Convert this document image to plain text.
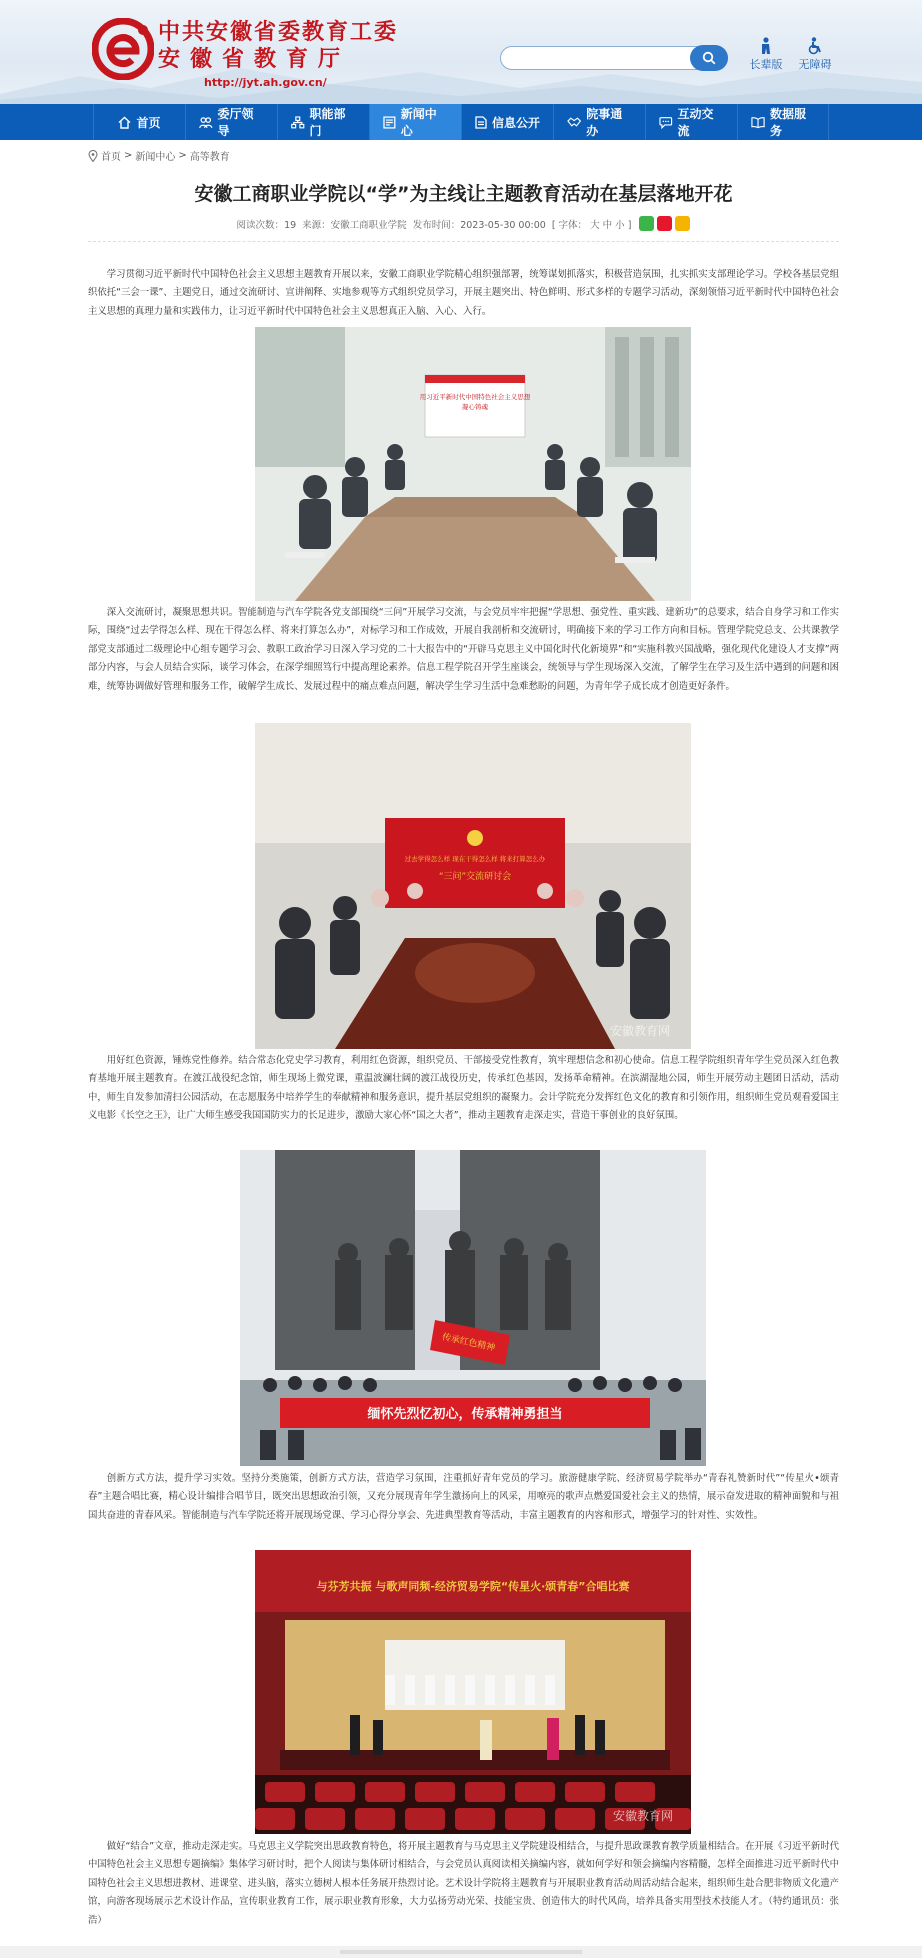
中共安徽省委教育工委
安徽省教育厅
http://jyt.ah.gov.cn/
长辈版	无障碍
首页
委厅领导
职能部门
新闻中心
信息公开
院事通办
互动交流
数据服务
首页 > 新闻中心 > 高等教育
安徽工商职业学院以“学”为主线让主题教育活动在基层落地开花
阅读次数：19 来源：安徽工商职业学院 发布时间：2023-05-30 00:00 [ 字体： 大 中 小 ]

学习贯彻习近平新时代中国特色社会主义思想主题教育开展以来，安徽工商职业学院精心组织强部署，统筹谋划抓落实，积极营造氛围，扎实抓实支部理论学习。学校各基层党组织依托“三会一课”、主题党日，通过交流研讨、宣讲阐释、实地参观等方式组织党员学习，开展主题突出、特色鲜明、形式多样的专题学习活动，深刻领悟习近平新时代中国特色社会主义思想的真理力量和实践伟力，让习近平新时代中国特色社会主义思想真正入脑、入心、入行。

用习近平新时代中国特色社会主义思想
凝心铸魂

深入交流研讨，凝聚思想共识。智能制造与汽车学院各党支部围绕“三问”开展学习交流，与会党员牢牢把握“学思想、强党性、重实践、建新功”的总要求，结合自身学习和工作实际，围绕“过去学得怎么样、现在干得怎么样、将来打算怎么办”，对标学习和工作成效，开展自我剖析和交流研讨，明确接下来的学习工作方向和目标。管理学院党总支、公共课教学部党支部通过二级理论中心组专题学习会、教职工政治学习日深入学习党的二十大报告中的“开辟马克思主义中国化时代化新境界”和“实施科教兴国战略，强化现代化建设人才支撑”两部分内容，与会人员结合实际，谈学习体会，在深学细照笃行中提高理论素养。信息工程学院召开学生座谈会，统领导与学生现场深入交流，了解学生在学习及生活中遇到的问题和困难，统筹协调做好管理和服务工作，破解学生成长、发展过程中的痛点难点问题，解决学生学习生活中急难愁盼的问题，为青年学子成长成才创造更好条件。

过去学得怎么样 现在干得怎么样 将来打算怎么办
“三问”交流研讨会
安徽教育网

用好红色资源，锤炼党性修养。结合常态化党史学习教育，利用红色资源，组织党员、干部接受党性教育，筑牢理想信念和初心使命。信息工程学院组织青年学生党员深入红色教育基地开展主题教育。在渡江战役纪念馆，师生现场上微党课，重温波澜壮阔的渡江战役历史，传承红色基因，发扬革命精神。在滨湖湿地公园，师生开展劳动主题团日活动，活动中，师生自发参加清扫公园活动，在志愿服务中培养学生的奉献精神和服务意识，提升基层党组织的凝聚力。会计学院充分发挥红色文化的教育和引领作用，组织师生党员观看爱国主义电影《长空之王》，让广大师生感受我国国防实力的长足进步，激励大家心怀“国之大者”，推动主题教育走深走实，营造干事创业的良好氛围。

传承红色精神
缅怀先烈忆初心，传承精神勇担当

创新方式方法，提升学习实效。坚持分类施策，创新方式方法，营造学习氛围，注重抓好青年党员的学习。旅游健康学院、经济贸易学院举办“青春礼赞新时代”“传星火•颂青春”主题合唱比赛，精心设计编排合唱节目，既突出思想政治引领，又充分展现青年学生激扬向上的风采，用嘹亮的歌声点燃爱国爱社会主义的热情，展示奋发进取的精神面貌和与祖国共奋进的青春风采。智能制造与汽车学院还将开展现场党课、学习心得分享会、先进典型教育等活动，丰富主题教育的内容和形式，增强学习的针对性、实效性。

与芬芳共振 与歌声同频-经济贸易学院“传星火·颂青春”合唱比赛
安徽教育网

做好“结合”文章，推动走深走实。马克思主义学院突出思政教育特色，将开展主题教育与马克思主义学院建设相结合，与提升思政课教育教学质量相结合。在开展《习近平新时代中国特色社会主义思想专题摘编》集体学习研讨时，把个人阅读与集体研讨相结合，与会党员认真阅读相关摘编内容，就如何学好和领会摘编内容精髓，怎样全面推进习近平新时代中国特色社会主义思想进教材、进课堂、进头脑，落实立德树人根本任务展开热烈讨论。艺术设计学院将主题教育与开展职业教育活动周活动结合起来，组织师生赴合肥非物质文化遗产馆，向游客现场展示艺术设计作品，宣传职业教育工作，展示职业教育形象，大力弘扬劳动光荣、技能宝贵、创造伟大的时代风尚，培养具备实用型技术技能人才。（特约通讯员：张浩）
